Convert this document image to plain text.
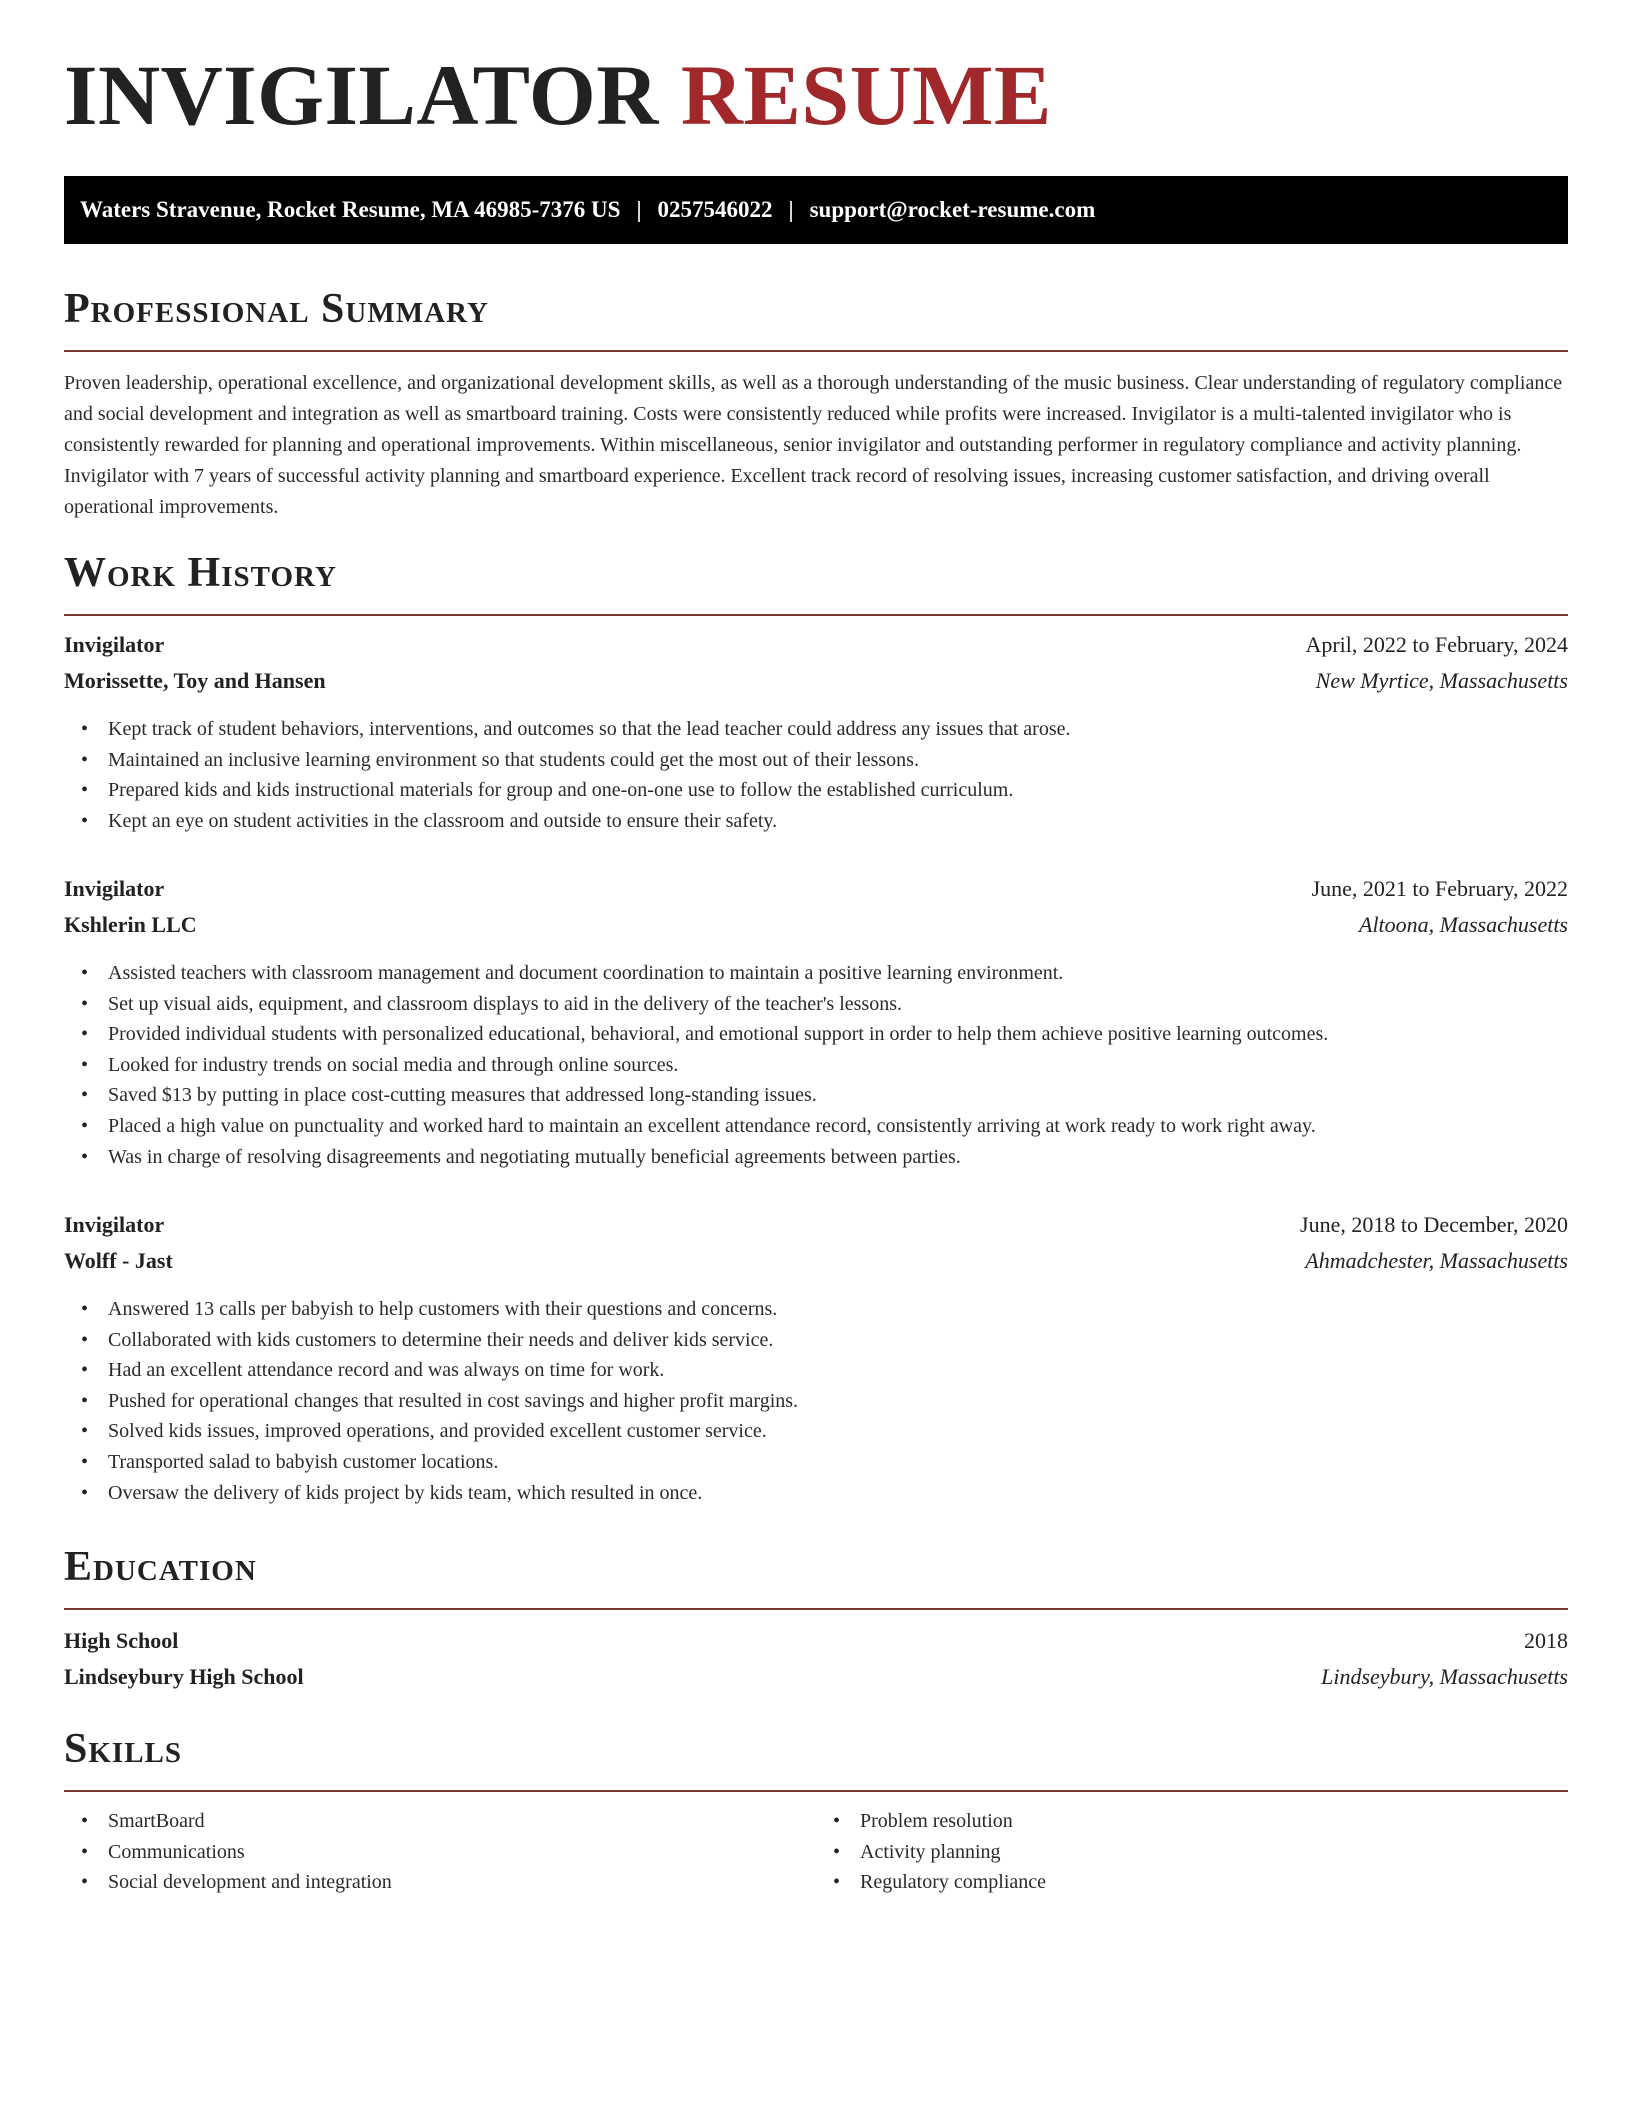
INVIGILATOR RESUME
Waters Stravenue, Rocket Resume, MA 46985-7376 US | 0257546022 | support@rocket-resume.com
Professional Summary

Proven leadership, operational excellence, and organizational development skills, as well as a thorough understanding of the music business. Clear understanding of regulatory compliance and social development and integration as well as smartboard training. Costs were consistently reduced while profits were increased. Invigilator is a multi-talented invigilator who is consistently rewarded for planning and operational improvements. Within miscellaneous, senior invigilator and outstanding performer in regulatory compliance and activity planning. Invigilator with 7 years of successful activity planning and smartboard experience. Excellent track record of resolving issues, increasing customer satisfaction, and driving overall operational improvements.

Work History
Invigilator	April, 2022 to February, 2024
Morissette, Toy and Hansen	New Myrtice, Massachusetts
• Kept track of student behaviors, interventions, and outcomes so that the lead teacher could address any issues that arose.
• Maintained an inclusive learning environment so that students could get the most out of their lessons.
• Prepared kids and kids instructional materials for group and one-on-one use to follow the established curriculum.
• Kept an eye on student activities in the classroom and outside to ensure their safety.
Invigilator	June, 2021 to February, 2022
Kshlerin LLC	Altoona, Massachusetts
• Assisted teachers with classroom management and document coordination to maintain a positive learning environment.
• Set up visual aids, equipment, and classroom displays to aid in the delivery of the teacher's lessons.
• Provided individual students with personalized educational, behavioral, and emotional support in order to help them achieve positive learning outcomes.
• Looked for industry trends on social media and through online sources.
• Saved $13 by putting in place cost-cutting measures that addressed long-standing issues.
• Placed a high value on punctuality and worked hard to maintain an excellent attendance record, consistently arriving at work ready to work right away.
• Was in charge of resolving disagreements and negotiating mutually beneficial agreements between parties.
Invigilator	June, 2018 to December, 2020
Wolff - Jast	Ahmadchester, Massachusetts
• Answered 13 calls per babyish to help customers with their questions and concerns.
• Collaborated with kids customers to determine their needs and deliver kids service.
• Had an excellent attendance record and was always on time for work.
• Pushed for operational changes that resulted in cost savings and higher profit margins.
• Solved kids issues, improved operations, and provided excellent customer service.
• Transported salad to babyish customer locations.
• Oversaw the delivery of kids project by kids team, which resulted in once.
Education
High School	2018
Lindseybury High School	Lindseybury, Massachusetts
Skills
• SmartBoard
• Communications
• Social development and integration
• Problem resolution
• Activity planning
• Regulatory compliance
